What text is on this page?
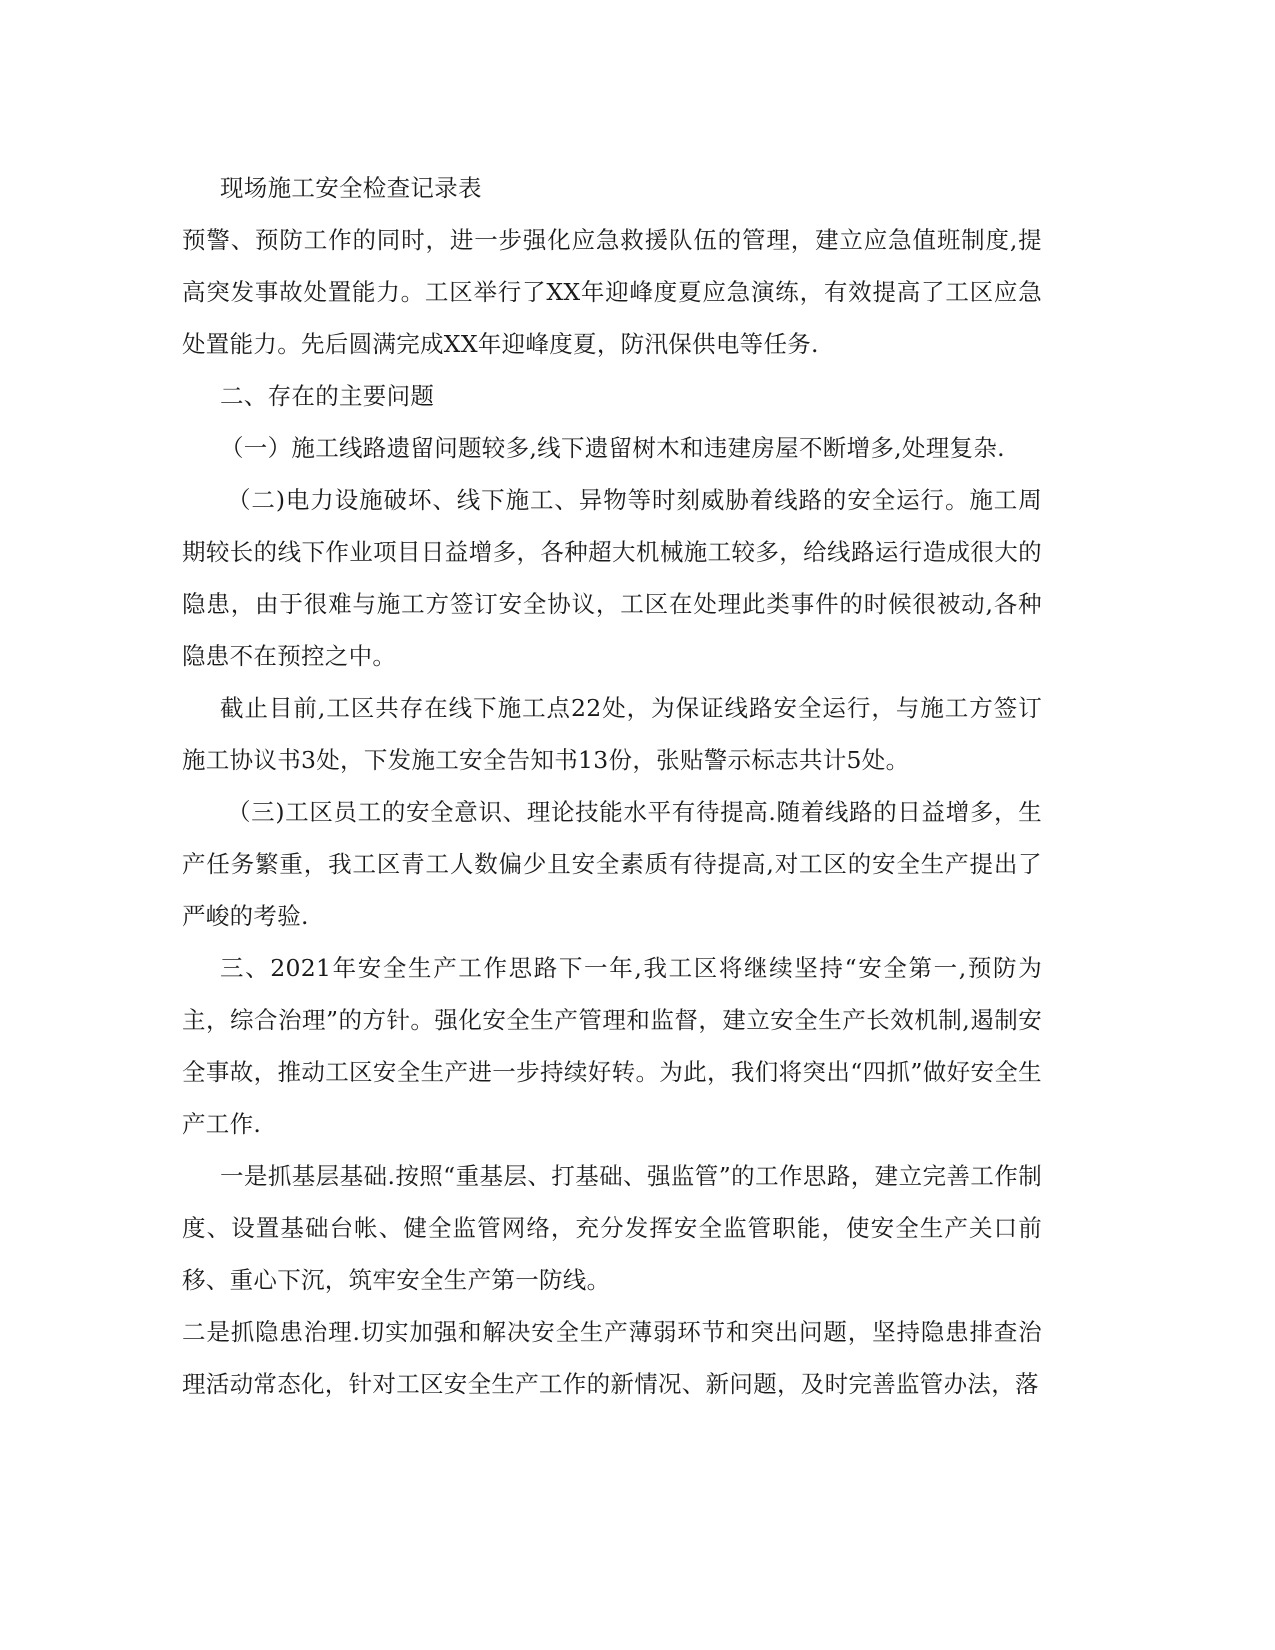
现场施工安全检查记录表

预警、预防工作的同时，进一步强化应急救援队伍的管理，建立应急值班制度,提高突发事故处置能力。工区举行了XX年迎峰度夏应急演练，有效提高了工区应急处置能力。先后圆满完成XX年迎峰度夏，防汛保供电等任务.

二、存在的主要问题

（一）施工线路遗留问题较多,线下遗留树木和违建房屋不断增多,处理复杂.

（二)电力设施破坏、线下施工、异物等时刻威胁着线路的安全运行。施工周期较长的线下作业项目日益增多，各种超大机械施工较多，给线路运行造成很大的隐患，由于很难与施工方签订安全协议，工区在处理此类事件的时候很被动,各种隐患不在预控之中。

截止目前,工区共存在线下施工点22处，为保证线路安全运行，与施工方签订施工协议书3处，下发施工安全告知书13份，张贴警示标志共计5处。

（三)工区员工的安全意识、理论技能水平有待提高.随着线路的日益增多，生产任务繁重，我工区青工人数偏少且安全素质有待提高,对工区的安全生产提出了严峻的考验.

三、2021年安全生产工作思路下一年,我工区将继续坚持“安全第一,预防为主，综合治理”的方针。强化安全生产管理和监督，建立安全生产长效机制,遏制安全事故，推动工区安全生产进一步持续好转。为此，我们将突出“四抓”做好安全生产工作.

一是抓基层基础.按照“重基层、打基础、强监管”的工作思路，建立完善工作制度、设置基础台帐、健全监管网络，充分发挥安全监管职能，使安全生产关口前移、重心下沉，筑牢安全生产第一防线。

二是抓隐患治理.切实加强和解决安全生产薄弱环节和突出问题，坚持隐患排查治理活动常态化，针对工区安全生产工作的新情况、新问题，及时完善监管办法，落
